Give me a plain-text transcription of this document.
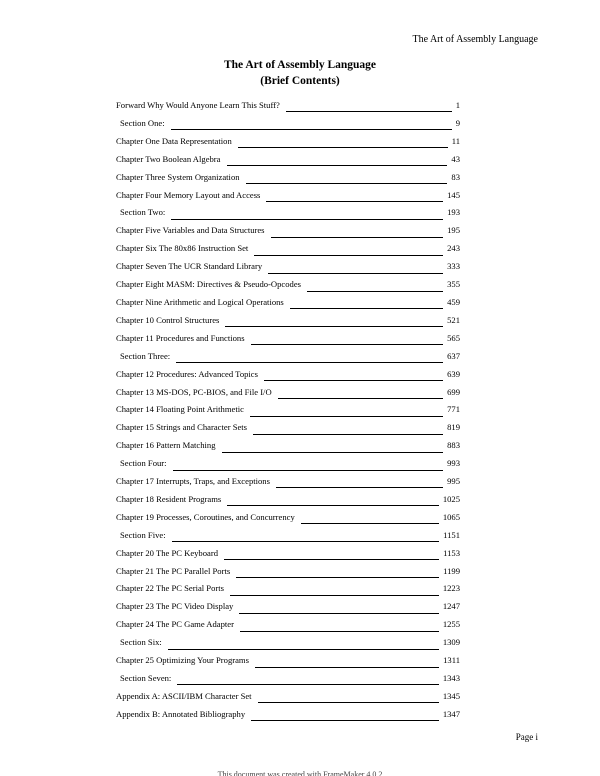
The Art of Assembly Language
The Art of Assembly Language
(Brief Contents)
Forward Why Would Anyone Learn This Stuff?	1
Section One:	9
Chapter One Data Representation	11
Chapter Two Boolean Algebra	43
Chapter Three System Organization	83
Chapter Four Memory Layout and Access	145
Section Two:	193
Chapter Five Variables and Data Structures	195
Chapter Six The 80x86 Instruction Set	243
Chapter Seven The UCR Standard Library	333
Chapter Eight MASM: Directives & Pseudo-Opcodes	355
Chapter Nine Arithmetic and Logical Operations	459
Chapter 10 Control Structures	521
Chapter 11 Procedures and Functions	565
Section Three:	637
Chapter 12 Procedures: Advanced Topics	639
Chapter 13 MS-DOS, PC-BIOS, and File I/O	699
Chapter 14 Floating Point Arithmetic	771
Chapter 15 Strings and Character Sets	819
Chapter 16 Pattern Matching	883
Section Four:	993
Chapter 17 Interrupts, Traps, and Exceptions	995
Chapter 18 Resident Programs	1025
Chapter 19 Processes, Coroutines, and Concurrency	1065
Section Five:	1151
Chapter 20 The PC Keyboard	1153
Chapter 21 The PC Parallel Ports	1199
Chapter 22 The PC Serial Ports	1223
Chapter 23 The PC Video Display	1247
Chapter 24 The PC Game Adapter	1255
Section Six:	1309
Chapter 25 Optimizing Your Programs	1311
Section Seven:	1343
Appendix A: ASCII/IBM Character Set	1345
Appendix B: Annotated Bibliography	1347
Page i
This document was created with FrameMaker 4.0.2
